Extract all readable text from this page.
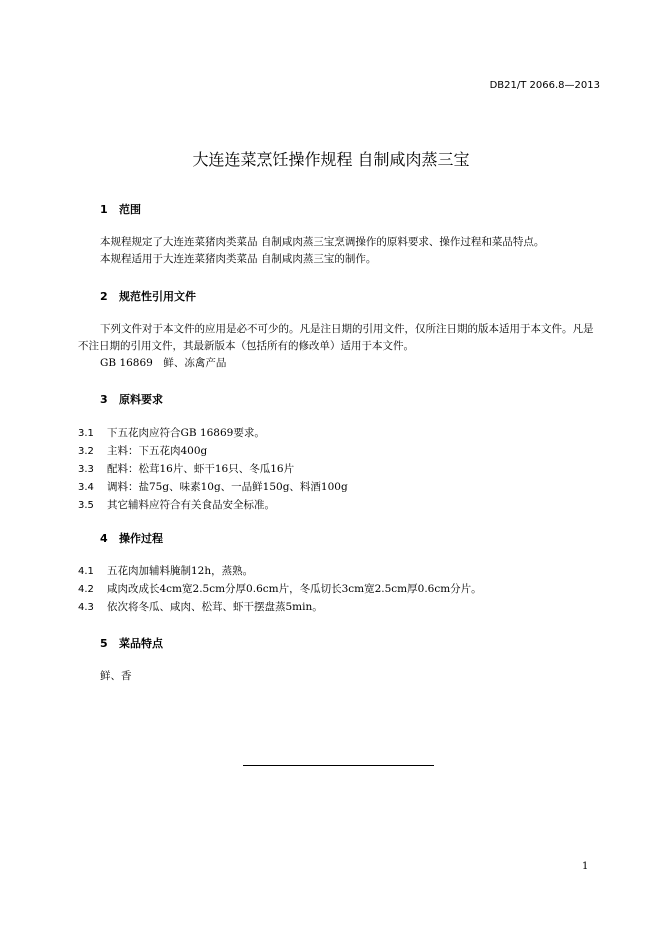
DB21/T 2066.8—2013
大连连菜烹饪操作规程 自制咸肉蒸三宝
1 范围
本规程规定了大连连菜猪肉类菜品 自制咸肉蒸三宝烹调操作的原料要求、操作过程和菜品特点。
本规程适用于大连连菜猪肉类菜品 自制咸肉蒸三宝的制作。
2 规范性引用文件
下列文件对于本文件的应用是必不可少的。凡是注日期的引用文件，仅所注日期的版本适用于本文件。凡是不注日期的引用文件，其最新版本（包括所有的修改单）适用于本文件。
GB 16869　鲜、冻禽产品
3 原料要求
3.1 下五花肉应符合GB 16869要求。
3.2 主料：下五花肉400g
3.3 配料：松茸16片、虾干16只、冬瓜16片
3.4 调料：盐75g、味素10g、一品鲜150g、料酒100g
3.5 其它辅料应符合有关食品安全标准。
4 操作过程
4.1 五花肉加辅料腌制12h，蒸熟。
4.2 咸肉改成长4cm宽2.5cm分厚0.6cm片，冬瓜切长3cm宽2.5cm厚0.6cm分片。
4.3 依次将冬瓜、咸肉、松茸、虾干摆盘蒸5min。
5 菜品特点
鲜、香
1
